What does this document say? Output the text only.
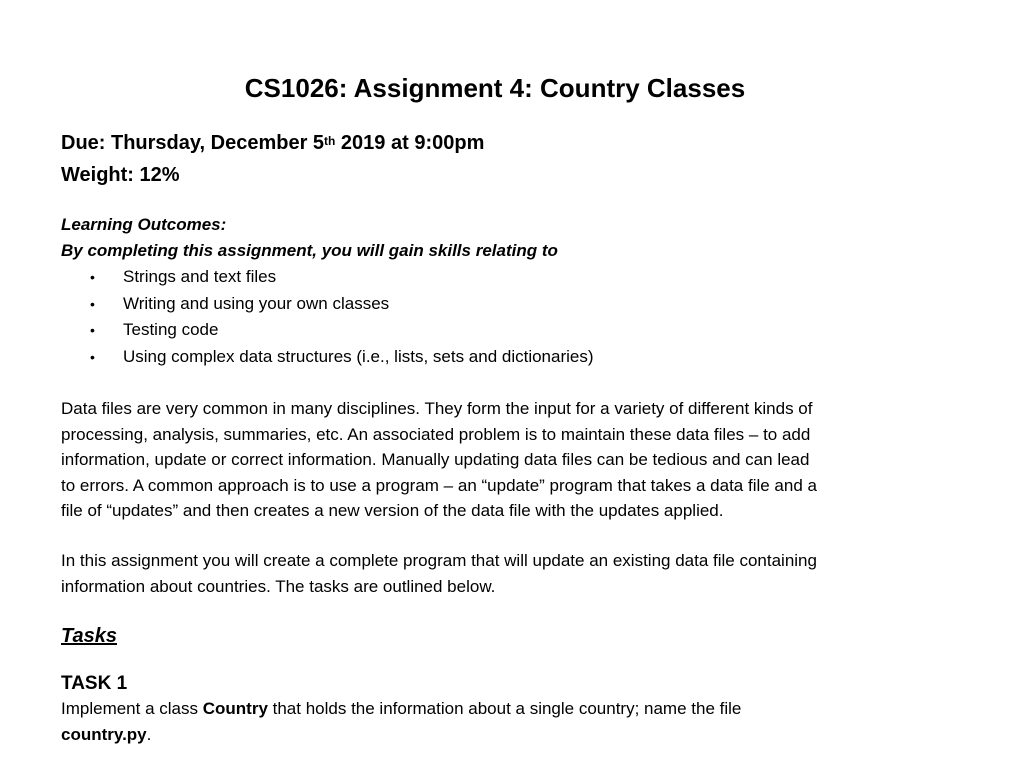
CS1026: Assignment 4: Country Classes
Due: Thursday, December 5th 2019 at 9:00pm
Weight: 12%
Learning Outcomes:
By completing this assignment, you will gain skills relating to
• Strings and text files
• Writing and using your own classes
• Testing code
• Using complex data structures (i.e., lists, sets and dictionaries)

Data files are very common in many disciplines. They form the input for a variety of different kinds of
processing, analysis, summaries, etc. An associated problem is to maintain these data files – to add
information, update or correct information. Manually updating data files can be tedious and can lead
to errors. A common approach is to use a program – an “update” program that takes a data file and a
file of “updates” and then creates a new version of the data file with the updates applied.

In this assignment you will create a complete program that will update an existing data file containing
information about countries. The tasks are outlined below.

Tasks
TASK 1
Implement a class Country that holds the information about a single country; name the file
country.py.
